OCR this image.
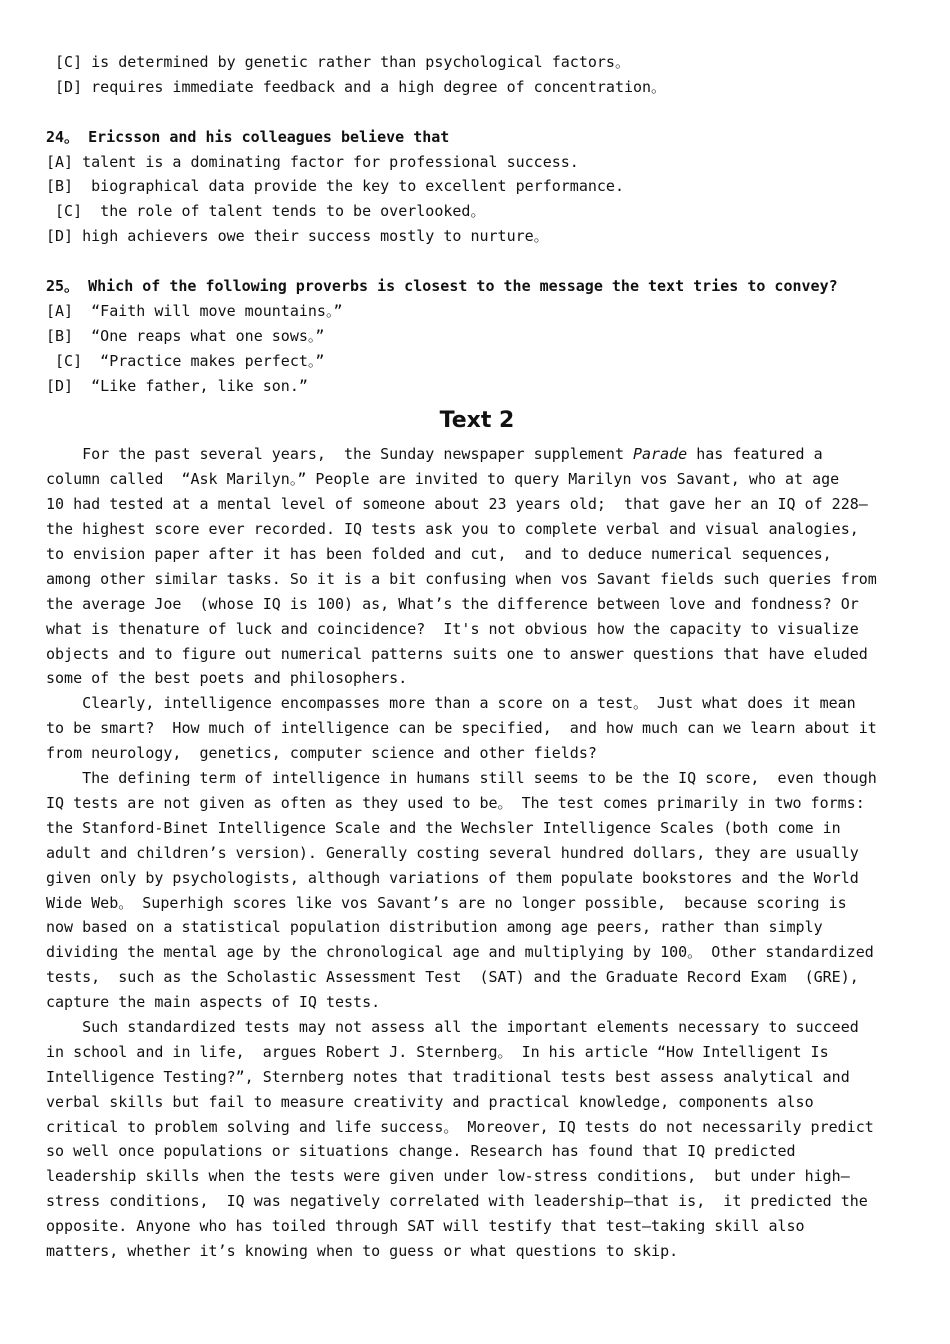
[C] is determined by genetic rather than psychological factors。
[D] requires immediate feedback and a high degree of concentration。
24。 Ericsson and his colleagues believe that
[A] talent is a dominating factor for professional success.
[B]  biographical data provide the key to excellent performance.
[C]  the role of talent tends to be overlooked。
[D] high achievers owe their success mostly to nurture。
25。 Which of the following proverbs is closest to the message the text tries to convey?
[A]  “Faith will move mountains。”
[B]  “One reaps what one sows。”
[C]  “Practice makes perfect。”
[D]  “Like father, like son.”
Text 2
For the past several years,  the Sunday newspaper supplement Parade has featured a
column called  “Ask Marilyn。” People are invited to query Marilyn vos Savant, who at age
10 had tested at a mental level of someone about 23 years old;  that gave her an IQ of 228—
the highest score ever recorded. IQ tests ask you to complete verbal and visual analogies,
to envision paper after it has been folded and cut,  and to deduce numerical sequences,
among other similar tasks. So it is a bit confusing when vos Savant fields such queries from
the average Joe  (whose IQ is 100) as, What’s the difference between love and fondness? Or
what is thenature of luck and coincidence?  It's not obvious how the capacity to visualize
objects and to figure out numerical patterns suits one to answer questions that have eluded
some of the best poets and philosophers.
Clearly, intelligence encompasses more than a score on a test。 Just what does it mean
to be smart?  How much of intelligence can be specified,  and how much can we learn about it
from neurology,  genetics, computer science and other fields?
The defining term of intelligence in humans still seems to be the IQ score,  even though
IQ tests are not given as often as they used to be。 The test comes primarily in two forms:
the Stanford-Binet Intelligence Scale and the Wechsler Intelligence Scales (both come in
adult and children’s version). Generally costing several hundred dollars, they are usually
given only by psychologists, although variations of them populate bookstores and the World
Wide Web。 Superhigh scores like vos Savant’s are no longer possible,  because scoring is
now based on a statistical population distribution among age peers, rather than simply
dividing the mental age by the chronological age and multiplying by 100。 Other standardized
tests,  such as the Scholastic Assessment Test  (SAT) and the Graduate Record Exam  (GRE),
capture the main aspects of IQ tests.
Such standardized tests may not assess all the important elements necessary to succeed
in school and in life,  argues Robert J. Sternberg。 In his article “How Intelligent Is
Intelligence Testing?”, Sternberg notes that traditional tests best assess analytical and
verbal skills but fail to measure creativity and practical knowledge, components also
critical to problem solving and life success。 Moreover, IQ tests do not necessarily predict
so well once populations or situations change. Research has found that IQ predicted
leadership skills when the tests were given under low-stress conditions,  but under high—
stress conditions,  IQ was negatively correlated with leadership—that is,  it predicted the
opposite. Anyone who has toiled through SAT will testify that test—taking skill also
matters, whether it’s knowing when to guess or what questions to skip.
